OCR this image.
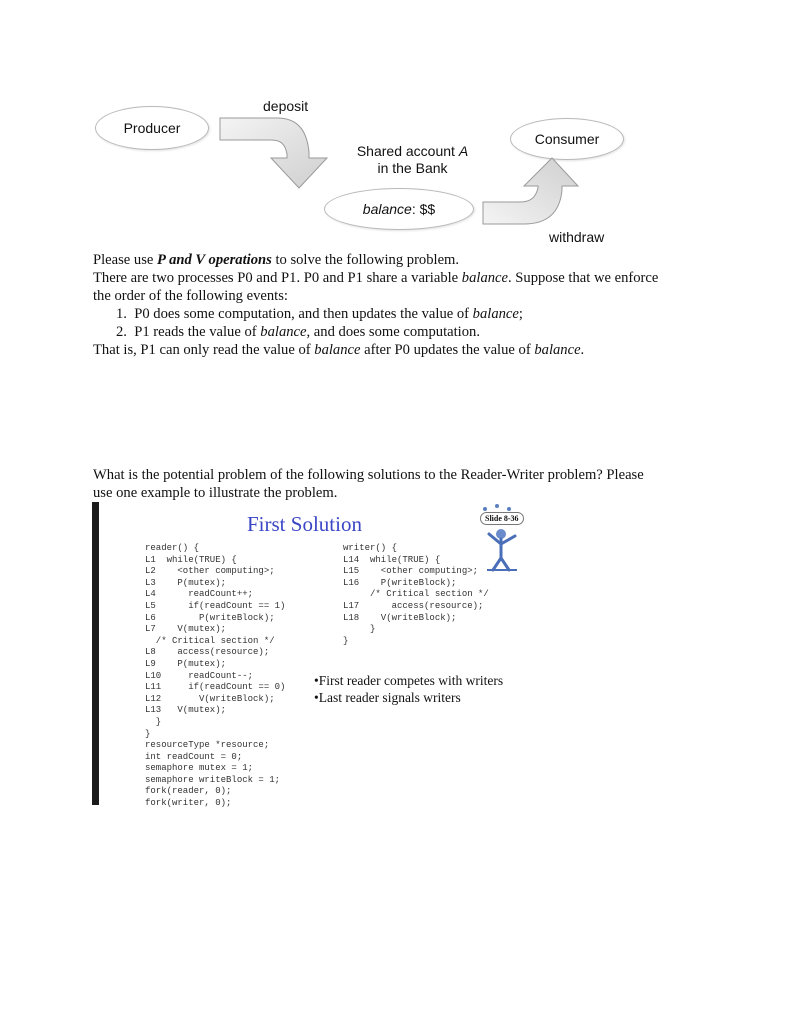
deposit
Producer
Consumer
Shared account A
in the Bank
balance: $$
withdraw
Please use P and V operations to solve the following problem.
There are two processes P0 and P1. P0 and P1 share a variable balance. Suppose that we enforce
the order of the following events:
1. P0 does some computation, and then updates the value of balance;
2. P1 reads the value of balance, and does some computation.
That is, P1 can only read the value of balance after P0 updates the value of balance.
What is the potential problem of the following solutions to the Reader-Writer problem? Please
use one example to illustrate the problem.
First Solution	Slide 8-36
reader() {
L1  while(TRUE) {
L2    <other computing>;
L3    P(mutex);
L4      readCount++;
L5      if(readCount == 1)
L6        P(writeBlock);
L7    V(mutex);
/* Critical section */
L8    access(resource);
L9    P(mutex);
L10     readCount--;
L11     if(readCount == 0)
L12       V(writeBlock);
L13   V(mutex);
}
}
resourceType *resource;
int readCount = 0;
semaphore mutex = 1;
semaphore writeBlock = 1;
fork(reader, 0);
fork(writer, 0);
writer() {
L14  while(TRUE) {
L15    <other computing>;
L16    P(writeBlock);
/* Critical section */
L17      access(resource);
L18    V(writeBlock);
}
}
•First reader competes with writers
•Last reader signals writers
